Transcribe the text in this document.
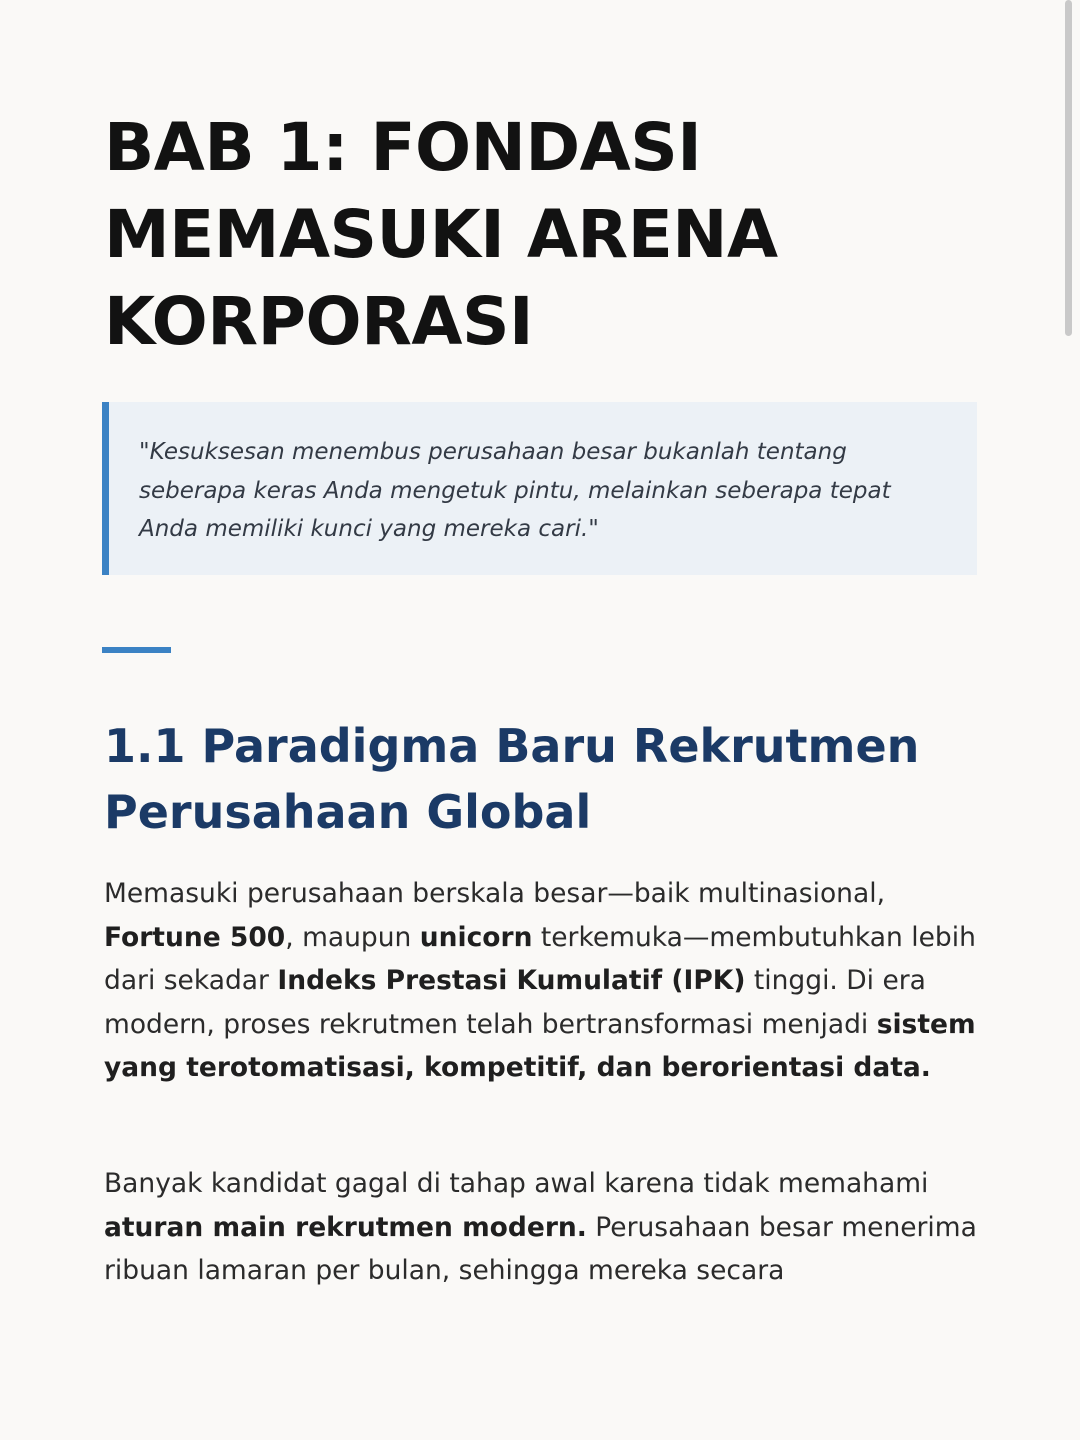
BAB 1: FONDASI
MEMASUKI ARENA
KORPORASI

"Kesuksesan menembus perusahaan besar bukanlah tentang seberapa keras Anda mengetuk pintu, melainkan seberapa tepat Anda memiliki kunci yang mereka cari."

1.1 Paradigma Baru Rekrutmen Perusahaan Global

Memasuki perusahaan berskala besar—baik multinasional, Fortune 500, maupun unicorn terkemuka—membutuhkan lebih dari sekadar Indeks Prestasi Kumulatif (IPK) tinggi. Di era modern, proses rekrutmen telah bertransformasi menjadi sistem yang terotomatisasi, kompetitif, dan berorientasi data.

Banyak kandidat gagal di tahap awal karena tidak memahami aturan main rekrutmen modern. Perusahaan besar menerima ribuan lamaran per bulan, sehingga mereka secara
